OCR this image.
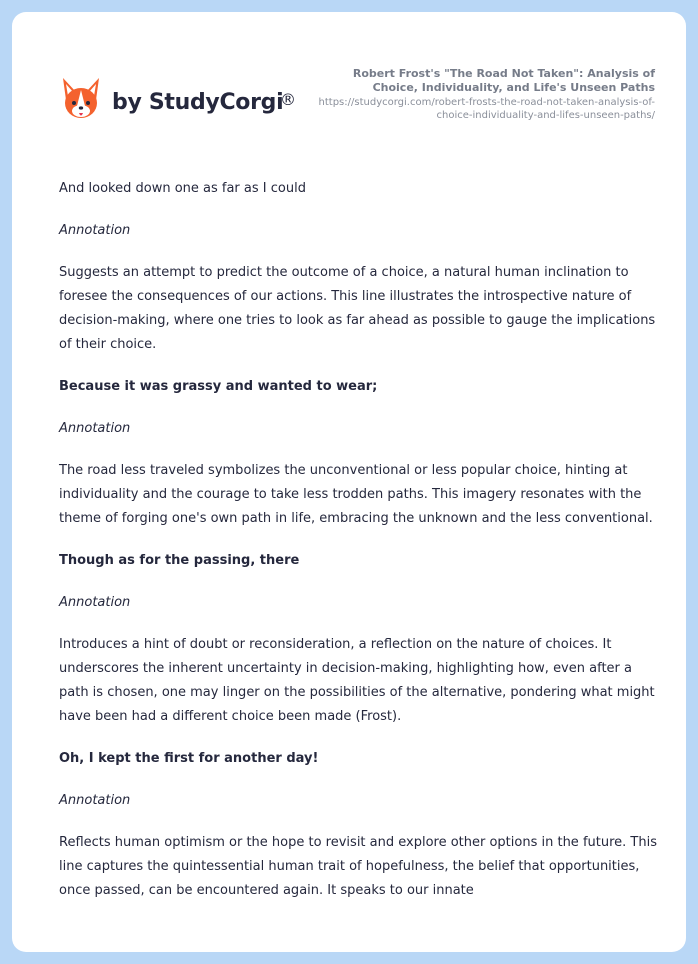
by StudyCorgi
®
Robert Frost's "The Road Not Taken": Analysis of Choice, Individuality, and Life's Unseen Paths
https://studycorgi.com/robert-frosts-the-road-not-taken-analysis-of-choice-individuality-and-lifes-unseen-paths/

And looked down one as far as I could

Annotation

Suggests an attempt to predict the outcome of a choice, a natural human inclination to foresee the consequences of our actions. This line illustrates the introspective nature of decision-making, where one tries to look as far ahead as possible to gauge the implications of their choice.

Because it was grassy and wanted to wear;

Annotation

The road less traveled symbolizes the unconventional or less popular choice, hinting at individuality and the courage to take less trodden paths. This imagery resonates with the theme of forging one's own path in life, embracing the unknown and the less conventional.

Though as for the passing, there

Annotation

Introduces a hint of doubt or reconsideration, a reflection on the nature of choices. It underscores the inherent uncertainty in decision-making, highlighting how, even after a path is chosen, one may linger on the possibilities of the alternative, pondering what might have been had a different choice been made (Frost).

Oh, I kept the first for another day!

Annotation

Reflects human optimism or the hope to revisit and explore other options in the future. This line captures the quintessential human trait of hopefulness, the belief that opportunities, once passed, can be encountered again. It speaks to our innate
